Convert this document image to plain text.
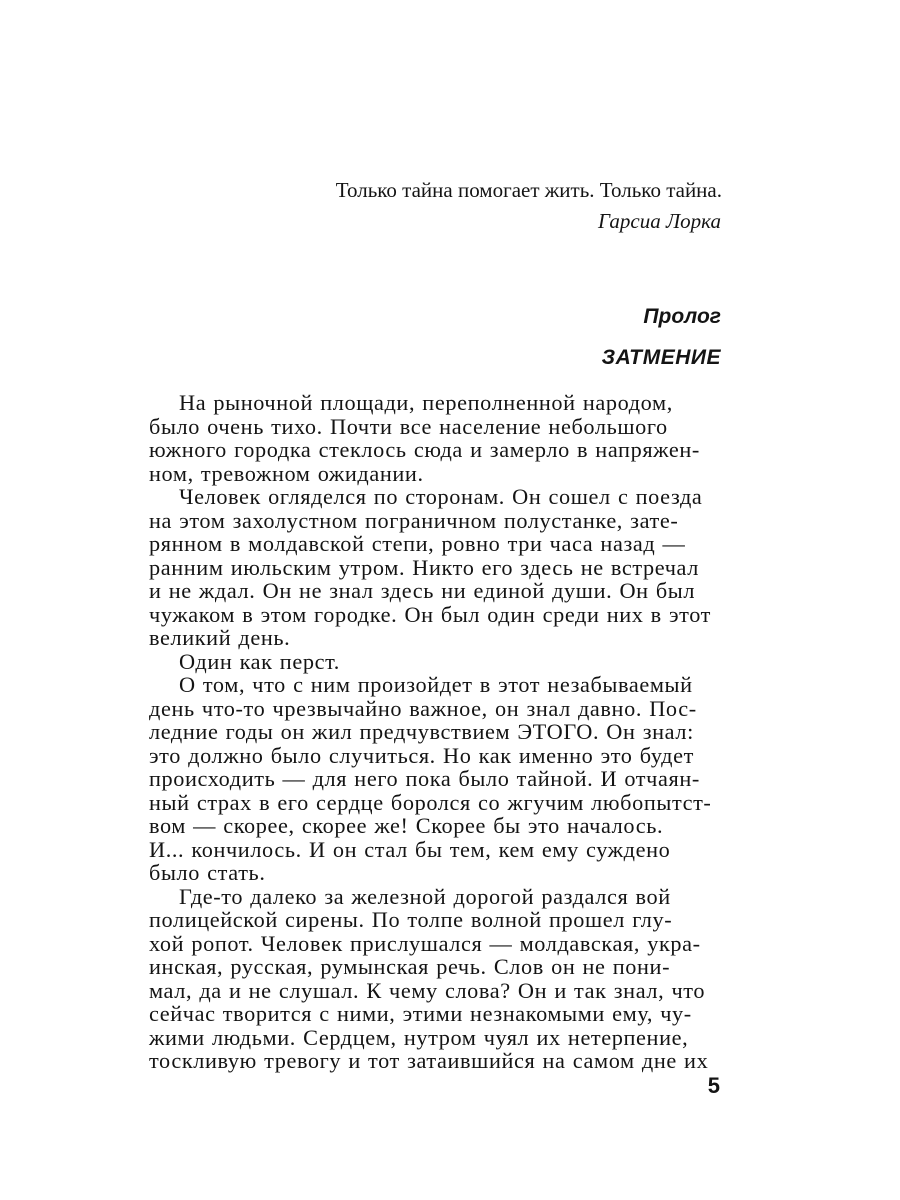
Только тайна помогает жить. Только тайна.
Гарсиа Лорка
Пролог
ЗАТМЕНИЕ
На рыночной площади, переполненной народом,
было очень тихо. Почти все население небольшого
южного городка стеклось сюда и замерло в напряжен-
ном, тревожном ожидании.
Человек огляделся по сторонам. Он сошел с поезда
на этом захолустном пограничном полустанке, зате-
рянном в молдавской степи, ровно три часа назад —
ранним июльским утром. Никто его здесь не встречал
и не ждал. Он не знал здесь ни единой души. Он был
чужаком в этом городке. Он был один среди них в этот
великий день.
Один как перст.
О том, что с ним произойдет в этот незабываемый
день что-то чрезвычайно важное, он знал давно. Пос-
ледние годы он жил предчувствием ЭТОГО. Он знал:
это должно было случиться. Но как именно это будет
происходить — для него пока было тайной. И отчаян-
ный страх в его сердце боролся со жгучим любопытст-
вом — скорее, скорее же! Скорее бы это началось.
И... кончилось. И он стал бы тем, кем ему суждено
было стать.
Где-то далеко за железной дорогой раздался вой
полицейской сирены. По толпе волной прошел глу-
хой ропот. Человек прислушался — молдавская, укра-
инская, русская, румынская речь. Слов он не пони-
мал, да и не слушал. К чему слова? Он и так знал, что
сейчас творится с ними, этими незнакомыми ему, чу-
жими людьми. Сердцем, нутром чуял их нетерпение,
тоскливую тревогу и тот затаившийся на самом дне их
5
